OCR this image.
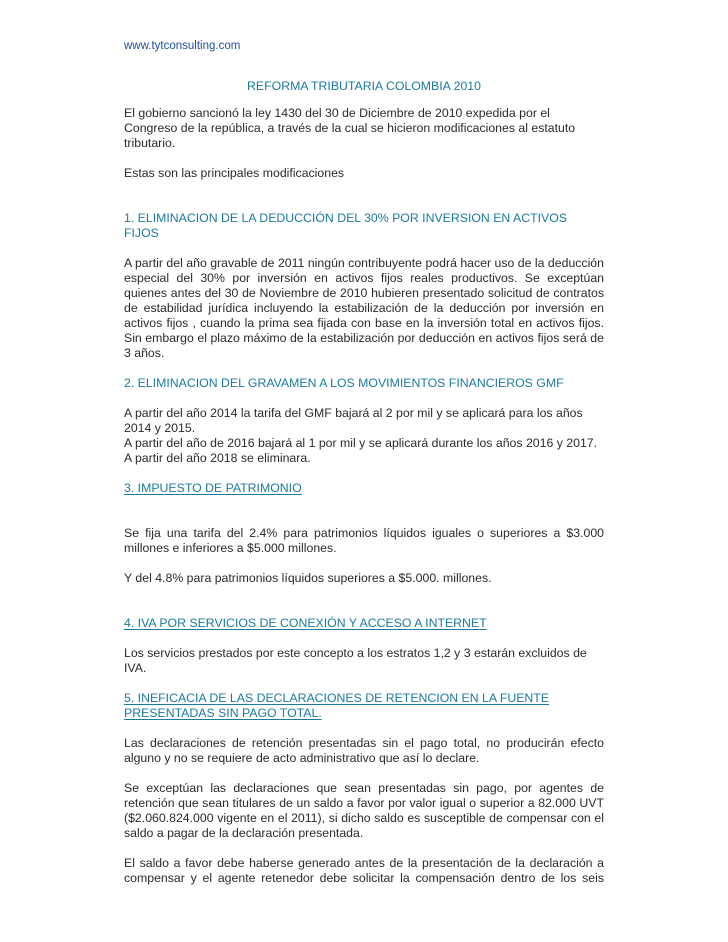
www.tytconsulting.com
REFORMA TRIBUTARIA COLOMBIA 2010

El gobierno sancionó la ley 1430 del 30 de Diciembre de 2010 expedida por el Congreso de la república, a través de la cual se hicieron modificaciones al estatuto tributario.

Estas son las principales modificaciones

1. ELIMINACION DE LA DEDUCCIÓN DEL 30% POR INVERSION EN ACTIVOS FIJOS

A partir del año gravable de 2011 ningún contribuyente podrá hacer uso de la deducción especial del 30% por inversión en activos fijos reales productivos. Se exceptúan quienes antes del 30 de Noviembre de 2010 hubieren presentado solicitud de contratos de estabilidad jurídica incluyendo la estabilización de la deducción por inversión en activos fijos , cuando la prima sea fijada con base en la inversión total en activos fijos. Sin embargo el plazo máximo de la estabilización por deducción en activos fijos será de 3 años.

2. ELIMINACION DEL GRAVAMEN A LOS MOVIMIENTOS FINANCIEROS GMF

A partir del año 2014 la tarifa del GMF bajará al 2 por mil y se aplicará para los años 2014 y 2015.

A partir del año de 2016 bajará al 1 por mil y se aplicará durante los años 2016 y 2017.

A partir del año 2018 se eliminara.

3. IMPUESTO DE PATRIMONIO

Se fija una tarifa del 2.4% para patrimonios líquidos iguales o superiores a $3.000 millones e inferiores a $5.000 millones.

Y del 4.8% para patrimonios líquidos superiores a $5.000. millones.

4. IVA POR SERVICIOS DE CONEXIÓN Y ACCESO A INTERNET

Los servicios prestados por este concepto a los estratos 1,2 y 3 estarán excluidos de IVA.

5. INEFICACIA DE LAS DECLARACIONES DE RETENCION EN LA FUENTE PRESENTADAS SIN PAGO TOTAL.

Las declaraciones de retención presentadas sin el pago total, no producirán efecto alguno y no se requiere de acto administrativo que así lo declare.

Se exceptúan las declaraciones que sean presentadas sin pago, por agentes de retención que sean titulares de un saldo a favor por valor igual o superior a 82.000 UVT ($2.060.824.000 vigente en el 2011), si dicho saldo es susceptible de compensar con el saldo a pagar de la declaración presentada.

El saldo a favor debe haberse generado antes de la presentación de la declaración a compensar y el agente retenedor debe solicitar la compensación dentro de los seis
